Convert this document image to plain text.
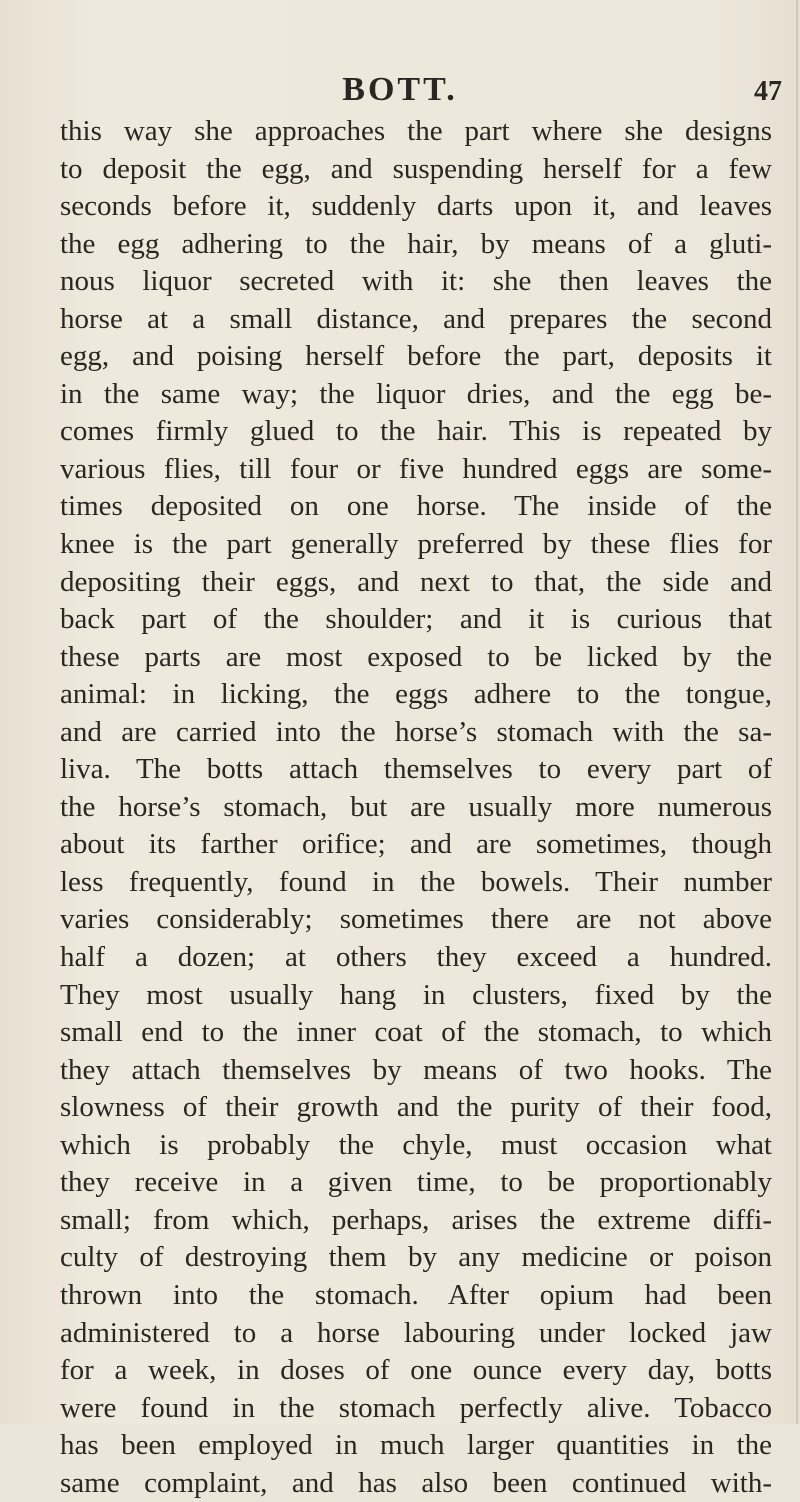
BOTT.	47
this way she approaches the part where she designs
to deposit the egg, and suspending herself for a few
seconds before it, suddenly darts upon it, and leaves
the egg adhering to the hair, by means of a gluti-
nous liquor secreted with it: she then leaves the
horse at a small distance, and prepares the second
egg, and poising herself before the part, deposits it
in the same way; the liquor dries, and the egg be-
comes firmly glued to the hair. This is repeated by
various flies, till four or five hundred eggs are some-
times deposited on one horse. The inside of the
knee is the part generally preferred by these flies for
depositing their eggs, and next to that, the side and
back part of the shoulder; and it is curious that
these parts are most exposed to be licked by the
animal: in licking, the eggs adhere to the tongue,
and are carried into the horse’s stomach with the sa-
liva. The botts attach themselves to every part of
the horse’s stomach, but are usually more numerous
about its farther orifice; and are sometimes, though
less frequently, found in the bowels. Their number
varies considerably; sometimes there are not above
half a dozen; at others they exceed a hundred.
They most usually hang in clusters, fixed by the
small end to the inner coat of the stomach, to which
they attach themselves by means of two hooks. The
slowness of their growth and the purity of their food,
which is probably the chyle, must occasion what
they receive in a given time, to be proportionably
small; from which, perhaps, arises the extreme diffi-
culty of destroying them by any medicine or poison
thrown into the stomach. After opium had been
administered to a horse labouring under locked jaw
for a week, in doses of one ounce every day, botts
were found in the stomach perfectly alive. Tobacco
has been employed in much larger quantities in the
same complaint, and has also been continued with-
